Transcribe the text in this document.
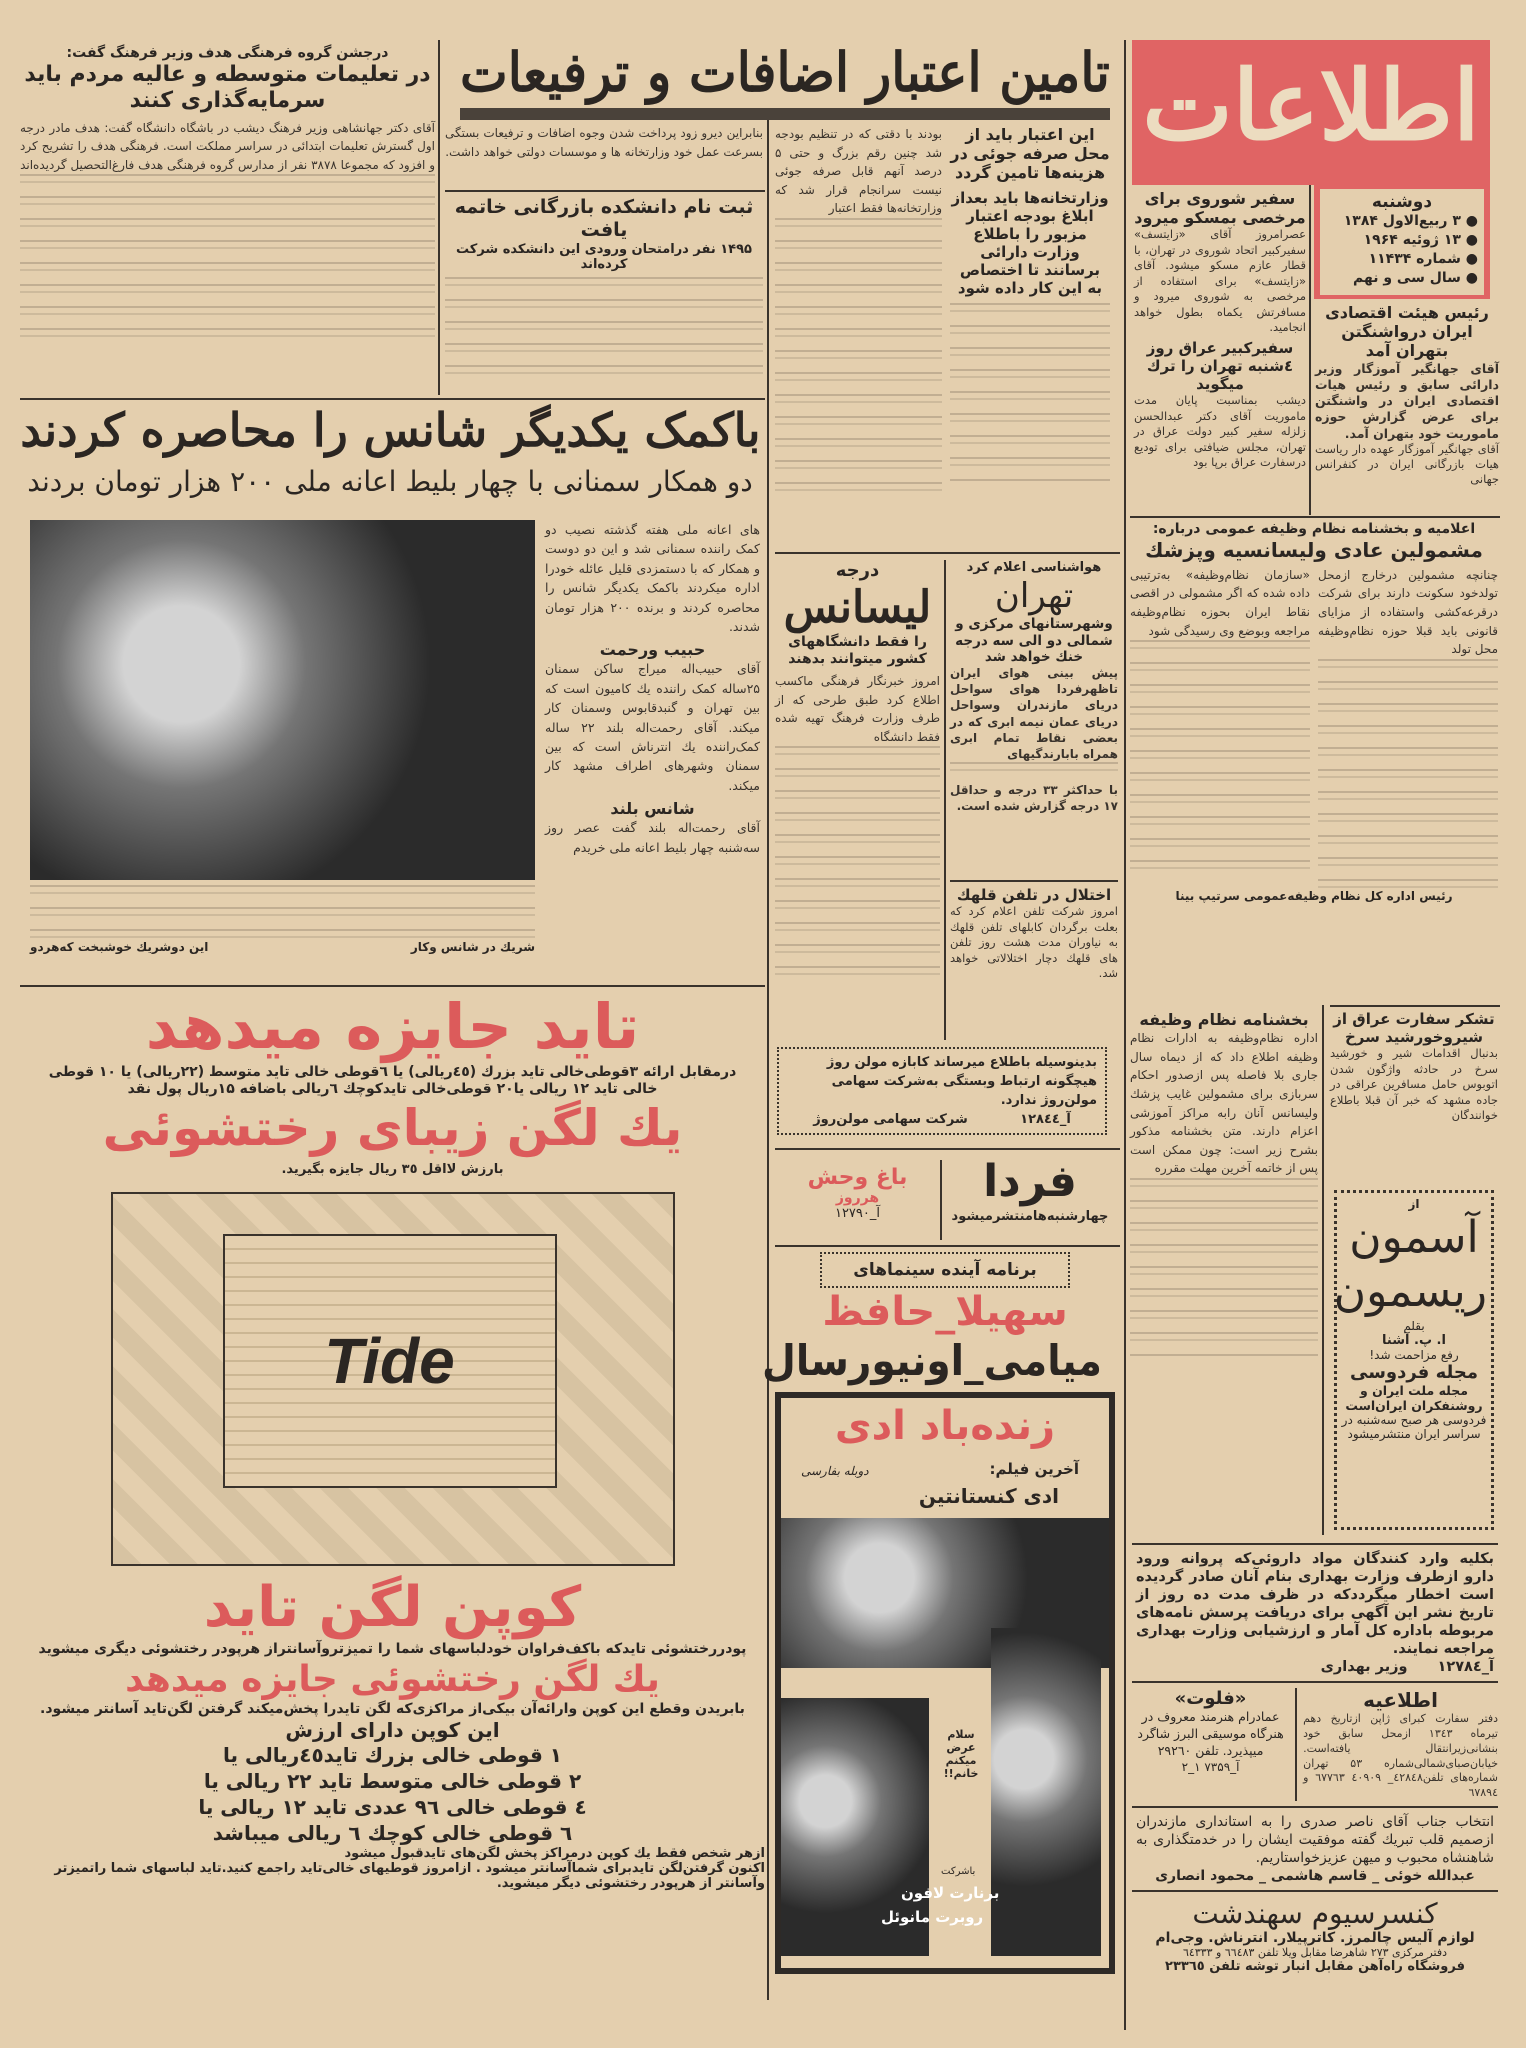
اطلاعات
دوشنبه
● ۳ ربیع‌الاول ۱۳۸۴
● ۱۳ ژوئیه ۱۹۶۴
● شماره ۱۱۴۳۴
● سال سی و نهم
سفیر شوروی برای مرخصی بمسکو میرود
عصرامروز آقای «زایتسف» سفیرکبیر اتحاد شوروی در تهران، با قطار عازم مسکو میشود. آقای «زایتسف» برای استفاده از مرخصی به شوروی میرود و مسافرتش یکماه بطول خواهد انجامید.
سفیرکبیر عراق روز ٤شنبه تهران را ترك میگوید
دیشب بمناسبت پایان مدت ماموریت آقای دکتر عبدالحسن زلزله سفیر کبیر دولت عراق در تهران، مجلس ضیافتی برای تودیع درسفارت عراق برپا بود
رئیس هیئت اقتصادی ایران درواشنگتن بتهران آمد
آقای جهانگیر آموزگار وزیر دارائی سابق و رئیس هیات اقتصادی ایران در واشنگتن برای عرض گزارش حوزه ماموریت خود بتهران آمد.
آقای جهانگیر آموزگار عهده دار ریاست هیات بازرگانی ایران در کنفرانس جهانی
تامین اعتبار اضافات و ترفیعات
این اعتبار باید از محل صرفه جوئی در هزینه‌ها تامین گردد
وزارتخانه‌ها باید بعداز ابلاغ بودجه اعتبار مزبور را باطلاع وزارت دارائی برسانند تا اختصاص به این کار داده شود
بودند با دقتی که در تنظیم بودجه شد چنین رقم بزرگ و حتی ۵ درصد آنهم قابل صرفه جوئی نیست سرانجام قرار شد که وزارتخانه‌ها فقط اعتبار
بنابراین دیرو زود پرداخت شدن وجوه اضافات و ترفیعات بستگی بسرعت عمل خود وزارتخانه ها و موسسات دولتی خواهد داشت.
ثبت نام دانشکده بازرگانی خاتمه یافت
۱۴۹۵ نفر درامتحان ورودی این دانشکده شرکت کرده‌اند
درجشن گروه فرهنگی هدف وزیر فرهنگ گفت:
در تعلیمات متوسطه و عالیه مردم باید سرمایه‌گذاری کنند
آقای دکتر جهانشاهی وزیر فرهنگ دیشب در باشگاه دانشگاه گفت: هدف مادر درجه اول گسترش تعلیمات ابتدائی در سراسر مملکت است. فرهنگی هدف را تشریح کرد و افزود که مجموعا ۳۸۷۸ نفر از مدارس گروه فرهنگی هدف فارغ‌التحصیل گردیده‌اند
باکمک یکدیگر شانس را محاصره کردند
دو همکار سمنانی با چهار بلیط اعانه ملی ۲۰۰ هزار تومان بردند
های اعانه ملی هفته گذشته نصیب دو کمک راننده سمنانی شد و این دو دوست و همکار که با دستمزدی قلیل عائله خودرا اداره میکردند باکمک یکدیگر شانس را محاصره کردند و برنده ۲۰۰ هزار تومان شدند.
حبیب ورحمت
آقای حبیب‌اله میراج ساکن سمنان ۲۵ساله کمک راننده یك کامیون است که بین تهران و گنبدقابوس وسمنان کار میکند. آقای رحمت‌اله بلند ۲۲ ساله کمک‌راننده یك انترناش است که بین سمنان وشهرهای اطراف مشهد کار میکند.
شانس بلند
آقای رحمت‌اله بلند گفت عصر روز سه‌شنبه چهار بلیط اعانه ملی خریدم
شریك در شانس وكار
این دوشریك خوشبخت كه‌هردو
تاید جایزه میدهد
درمقابل ارائه ۳قوطی‌خالی تاید بزرك (٤٥ریالی) یا ٦قوطی خالی تاید متوسط (۲۲ریالی) یا ۱۰ قوطی خالی تاید ۱۲ ریالی یا۲۰ قوطی‌خالی تایدکوچك ٦ریالی باضافه ۱۵ریال پول نقد
یك لگن زیبای رختشوئی
بارزش لااقل ۳٥ ریال جایزه بگیرید.
Tide
کوپن لگن تاید
پودررختشوئی تایدکه باکف‌فراوان خودلباسهای شما را تمیزتروآسانتراز هرپودر رختشوئی دیگری میشوید
یك لگن رختشوئی جایزه میدهد
بابریدن وقطع این کوپن وارائه‌آن بیکی‌از مراکزی‌که لگن تایدرا پخش‌میکند گرفتن لگن‌تاید آسانتر میشود.
این کوپن دارای ارزش
۱ قوطی خالی بزرك تاید٤٥ریالی یا
۲ قوطی خالی متوسط تاید ۲۲ ریالی یا
٤ قوطی خالی ۹٦ عددی تاید ۱۲ ریالی یا
٦ قوطی خالی کوچك ٦ ریالی میباشد
ازهر شخص فقط یك کوپن درمراکز پخش لگن‌های تایدقبول میشود
اکنون گرفتن‌لگن تایدبرای شماآسانتر میشود . ازامروز قوطیهای خالی‌تاید راجمع کنید.تاید لباسهای شما راتمیزتر وآسانتر از هرپودر رختشوئی دیگر میشوید.
درجه
لیسانس
را فقط دانشگاههای کشور میتوانند بدهند
امروز خبرنگار فرهنگی ماکسب اطلاع کرد طبق طرحی که از طرف وزارت فرهنگ تهیه شده فقط دانشگاه
هواشناسی اعلام کرد
تهران
وشهرستانهای مرکزی و شمالی دو الی سه درجه خنك خواهد شد
پیش بینی هوای ایران تاظهرفردا هوای سواحل دریای مازندران وسواحل دریای عمان نیمه ابری که در بعضی نقاط تمام ابری همراه بابارندگیهای
با حداکثر ۳۳ درجه و حداقل ۱۷ درجه گزارش شده است.
اختلال در تلفن قلهك
امروز شرکت تلفن اعلام کرد که بعلت برگردان کابلهای تلفن قلهك به نیاوران مدت هشت روز تلفن های قلهك دچار اختلالاتی خواهد شد.
بدینوسیله باطلاع میرساند کابازه مولن روژ هیچگونه ارتباط وبستگی به‌شرکت سهامی مولن‌روژ ندارد.
آ_۱۲۸٤٤
شرکت سهامی مولن‌روژ
فردا
چهارشنبه‌هامنتشرمیشود
باغ وحش
هرروز
آ_۱۲۷۹۰
برنامه آینده سینماهای
سهیلا_حافظ
میامی_اونیورسال
زنده‌باد ادی
آخرین فیلم:
ادی کنستانتین
دوبله بفارسی
سلام عرض میکنم خانم!!
باشرکت
برنارت لافون
روبرت مانوئل
اعلامیه و بخشنامه نظام وظیفه عمومی درباره:
مشمولین عادی ولیسانسیه وپزشك
چنانچه مشمولین درخارج ازمحل تولدخود سکونت دارند برای شرکت درقرعه‌کشی واستفاده از مزایای قانونی باید قبلا حوزه نظام‌وظیفه محل تولد
«سازمان نظام‌وظیفه» به‌ترتیبی داده شده که اگر مشمولی در اقصی نقاط ایران بحوزه نظام‌وظیفه مراجعه وبوضع وی رسیدگی شود
رئیس اداره کل نظام وظیفه‌عمومی سرتیپ بینا
تشکر سفارت عراق از شیروخورشید سرخ
بدنبال اقدامات شیر و خورشید سرخ در حادثه واژگون شدن اتوبوس حامل مسافرین عراقی در جاده مشهد که خبر آن قبلا باطلاع خوانندگان
بخشنامه نظام وظیفه
اداره نظام‌وظیفه به ادارات نظام وظیفه اطلاع داد که از دیماه سال جاری بلا فاصله پس ازصدور احکام سربازی برای مشمولین غایب پزشك ولیسانس آنان رابه مراکز آموزشی اعزام دارند. متن بخشنامه مذکور بشرح زیر است: چون ممکن است پس از خاتمه آخرین مهلت مقرره
از
آسمون
ریسمون
بقلم
ا. پ. آشنا
رفع مزاحمت شد!
مجله فردوسی
مجله ملت ایران و روشنفکران ایران‌است
فردوسی هر صبح سه‌شنبه در سراسر ایران منتشرمیشود
بکلیه وارد کنندگان مواد داروئی‌که پروانه ورود دارو ازطرف وزارت بهداری بنام آنان صادر گردیده است اخطار میگرددکه در ظرف مدت ده روز از تاریخ نشر این آگهی برای دریافت پرسش نامه‌های مربوطه باداره کل آمار و ارزشیابی وزارت بهداری مراجعه نمایند.
وزیر بهداری آ_۱۲۷۸٤
اطلاعیه
دفتر سفارت کبرای ژاپن ازتاریخ دهم تیرماه ۱۳٤۳ ازمحل سابق خود بنشانی‌زیرانتقال یافته‌است. خیابان‌صبای‌شمالی‌‌شماره ۵۳ تهران شماره‌های تلفن٤۲۸٤۸_ ٤۰۹۰۹ ٦۷۷٦۳ و ٦۷۸۹٤
«فلوت»
عمادرام هنرمند معروف در هنرگاه موسیقی البرز شاگرد میپذیرد. تلفن ۲۹۲٦۰
آ_۷۳۵۹ ۱_۲
انتخاب جناب آقای ناصر صدری را به استانداری مازندران ازصمیم قلب تبریك گفته موفقیت ایشان را در خدمتگذاری به شاهنشاه محبوب و میهن عزیزخواستاریم.
عبدالله خوئی _ قاسم هاشمی _ محمود انصاری
کنسرسیوم سهندشت
لوازم آلیس چالمرز. کاترپیلار. انترناش. وجی‌ام
دفتر مرکزی ۲۷۳ شاهرضا مقابل ویلا تلفن ٦٦٤٨٣ و ٦٤۳۳۳
فروشگاه راه‌آهن مقابل انبار توشه تلفن ۲۳۳٦٥
